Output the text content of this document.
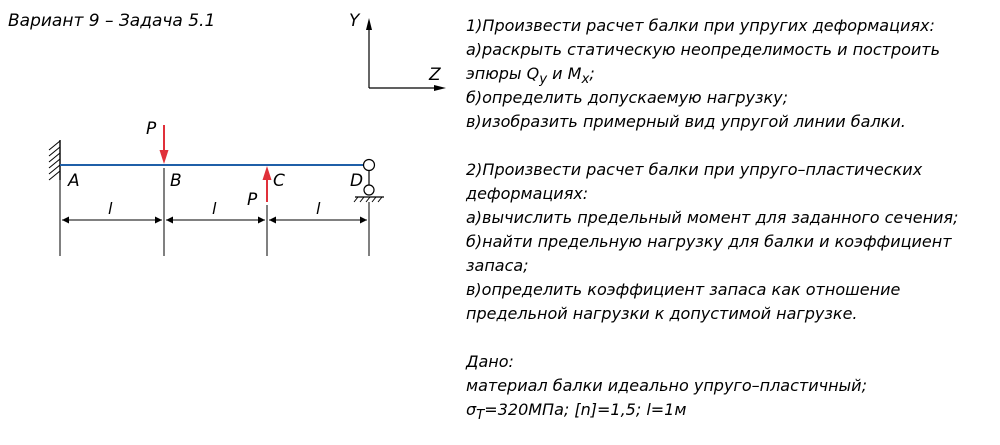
Вариант 9 – Задача 5.1	Y
Z
P
P
A	B	C	D
l	l	l
1)Произвести расчет балки при упругих деформациях:
а)раскрыть статическую неопределимость и построить
эпюры $Q_y$ и $M_x$;
б)определить допускаемую нагрузку;
в)изобразить примерный вид упругой линии балки.
2)Произвести расчет балки при упруго–пластических
деформациях:
а)вычислить предельный момент для заданного сечения;
б)найти предельную нагрузку для балки и коэффициент
запаса;
в)определить коэффициент запаса как отношение
предельной нагрузки к допустимой нагрузке.
Дано:
материал балки идеально упруго–пластичный;
$\sigma_T=320МПа$; [n]=1,5; l=1м
